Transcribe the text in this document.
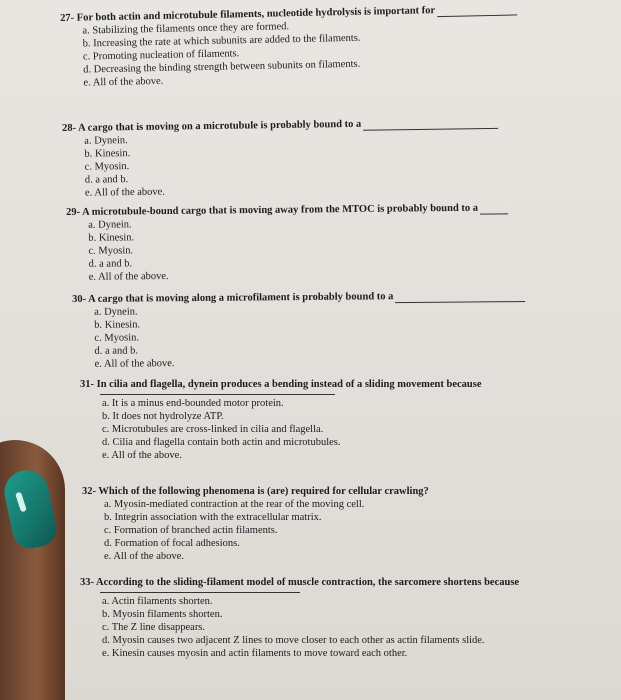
27- For both actin and microtubule filaments, nucleotide hydrolysis is important for
a. Stabilizing the filaments once they are formed.
b. Increasing the rate at which subunits are added to the filaments.
c. Promoting nucleation of filaments.
d. Decreasing the binding strength between subunits on filaments.
e. All of the above.
28- A cargo that is moving on a microtubule is probably bound to a
a. Dynein.
b. Kinesin.
c. Myosin.
d. a and b.
e. All of the above.
29- A microtubule-bound cargo that is moving away from the MTOC is probably bound to a
a. Dynein.
b. Kinesin.
c. Myosin.
d. a and b.
e. All of the above.
30- A cargo that is moving along a microfilament is probably bound to a
a. Dynein.
b. Kinesin.
c. Myosin.
d. a and b.
e. All of the above.
31- In cilia and flagella, dynein produces a bending instead of a sliding movement because
a. It is a minus end-bounded motor protein.
b. It does not hydrolyze ATP.
c. Microtubules are cross-linked in cilia and flagella.
d. Cilia and flagella contain both actin and microtubules.
e. All of the above.
32- Which of the following phenomena is (are) required for cellular crawling?
a. Myosin-mediated contraction at the rear of the moving cell.
b. Integrin association with the extracellular matrix.
c. Formation of branched actin filaments.
d. Formation of focal adhesions.
e. All of the above.
33- According to the sliding-filament model of muscle contraction, the sarcomere shortens because
a. Actin filaments shorten.
b. Myosin filaments shorten.
c. The Z line disappears.
d. Myosin causes two adjacent Z lines to move closer to each other as actin filaments slide.
e. Kinesin causes myosin and actin filaments to move toward each other.
